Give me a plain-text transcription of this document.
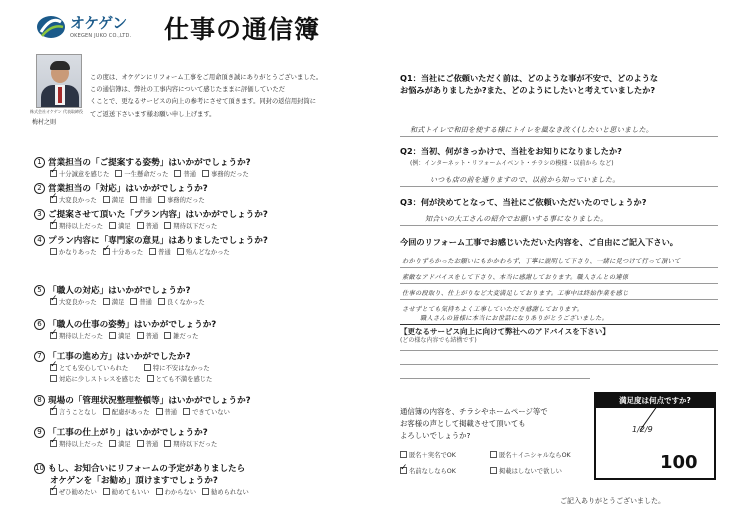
オケゲン
OKEGEN JUKO CO.,LTD. 仕事の通信簿
株式会社オケゲン 代表取締役
梅村之則
この度は、オケゲンにリフォーム工事をご用命頂き誠にありがとうございました。
この通信簿は、弊社の工事内容について感じたままに評価していただ
くことで、更なるサービスの向上の参考にさせて頂きます。同封の返信用封筒に
てご返送下さいます様お願い申し上げます。
1 営業担当の「ご提案する姿勢」はいかがでしょうか?
✓
十分誠意を感じた 一生懸命だった 普通 事務的だった
2 営業担当の「対応」はいかがでしょうか?
✓
大変良かった 満足 普通 事務的だった
3 ご提案させて頂いた「プラン内容」はいかがでしょうか?
✓
期待以上だった 満足 普通 期待以下だった
4 プラン内容に「専門家の意見」はありましたでしょうか?
かなりあった
✓ 十分あった 普通 殆んどなかった
5 「職人の対応」はいかがでしょうか?
✓
大変良かった 満足 普通 良くなかった
6 「職人の仕事の姿勢」はいかがでしょうか?
✓
期待以上だった 満足 普通 雑だった
7 「工事の進め方」はいかがでしたか?
✓
とても安心していられた	特に不安はなかった
対応に少しストレスを感じた とても不満を感じた
8 現場の「管理状況整理整頓等」はいかがでしょうか?
✓
言うことなし 配慮があった 普通 できていない
9 「工事の仕上がり」はいかがでしょうか?
✓
期待以上だった 満足 普通 期待以下だった
10 もし、お知合いにリフォームの予定がありましたら
オケゲンを「お勧め」頂けますでしょうか?
✓
ぜひ勧めたい 勧めてもいい わからない 勧められない
Q1：当社にご依頼いただく前は、どのような事が不安で、どのような
お悩みがありましたか?また、どのようにしたいと考えていましたか?
和式トイレで和田を使する様にトイレを風なき改く(したいと思いました。
Q2：当初、何がきっかけで、当社をお知りになりましたか?
(例：インターネット・リフォームイベント・チラシの模様・以前から など)
いつも店の前を通りますので、以前から知っていました。
Q3：何が決めてとなって、当社にご依頼いただいたのでしょうか?
知合いの大工さんの紹介でお願いする事になりました。
今回のリフォーム工事でお感じいただいた内容を、ご自由にご記入下さい。
わかりずらかったお願いにもかかわらず、丁寧に説明して下さり、一緒に見つけて行って頂いて
素敵なアドバイスをして下さり、本当に感謝しております。職人さんとの連係
仕事の段取り、仕上がりなど大変満足しております。工事中は終始作業を感じ
させずとても気持ちよく工事していただき感謝しております。
職人さんの皆様に本当にお世話になりありがとうございました。
【更なるサービス向上に向けて弊社へのアドバイスを下さい】
(どの様な内容でも結構です)
通信簿の内容を、チラシやホームページ等で
お客様の声として掲載させて頂いても
よろしいでしょうか?
匿名＋実名でOK	匿名＋イニシャルならOK
✓
名前なしならOK	掲載はしないで欲しい
満足度は何点ですか?
1/2/9
100
ご記入ありがとうございました。
